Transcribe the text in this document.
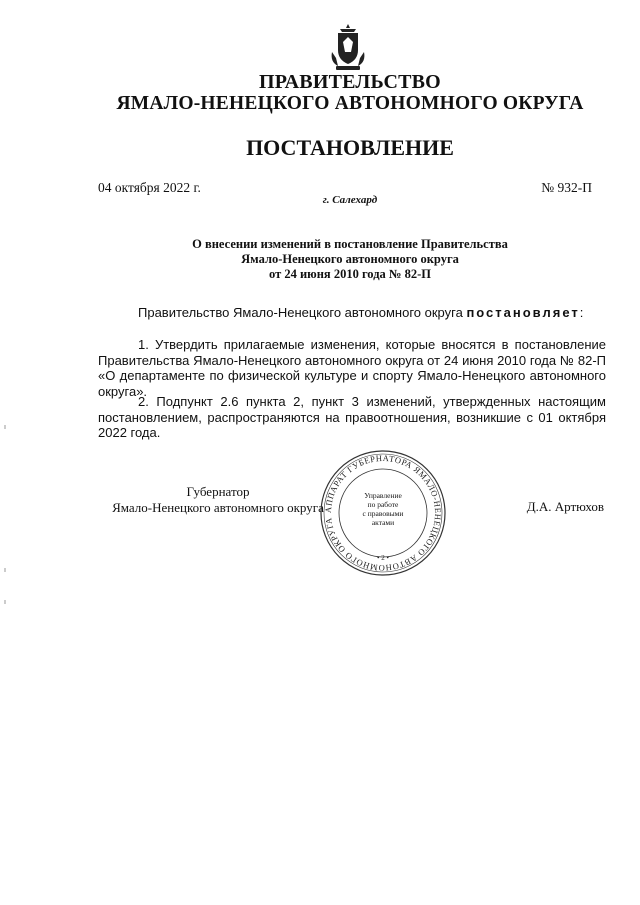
ПРАВИТЕЛЬСТВО
ЯМАЛО-НЕНЕЦКОГО АВТОНОМНОГО ОКРУГА
ПОСТАНОВЛЕНИЕ
04 октября 2022 г.	№ 932-П
г. Салехард
О внесении изменений в постановление Правительства
Ямало-Ненецкого автономного округа
от 24 июня 2010 года № 82-П
Правительство Ямало-Ненецкого автономного округа постановляет:
1. Утвердить прилагаемые изменения, которые вносятся в постановление Правительства Ямало-Ненецкого автономного округа от 24 июня 2010 года № 82-П «О департаменте по физической культуре и спорту Ямало-Ненецкого автономного округа».
2. Подпункт 2.6 пункта 2, пункт 3 изменений, утвержденных настоящим постановлением, распространяются на правоотношения, возникшие с 01 октября 2022 года.
Губернатор
Ямало-Ненецкого автономного округа	Д.А. Артюхов
АППАРАТ ГУБЕРНАТОРА ЯМАЛО-НЕНЕЦКОГО АВТОНОМНОГО ОКРУГА
• 2 •
Управление
по работе
с правовыми
актами
